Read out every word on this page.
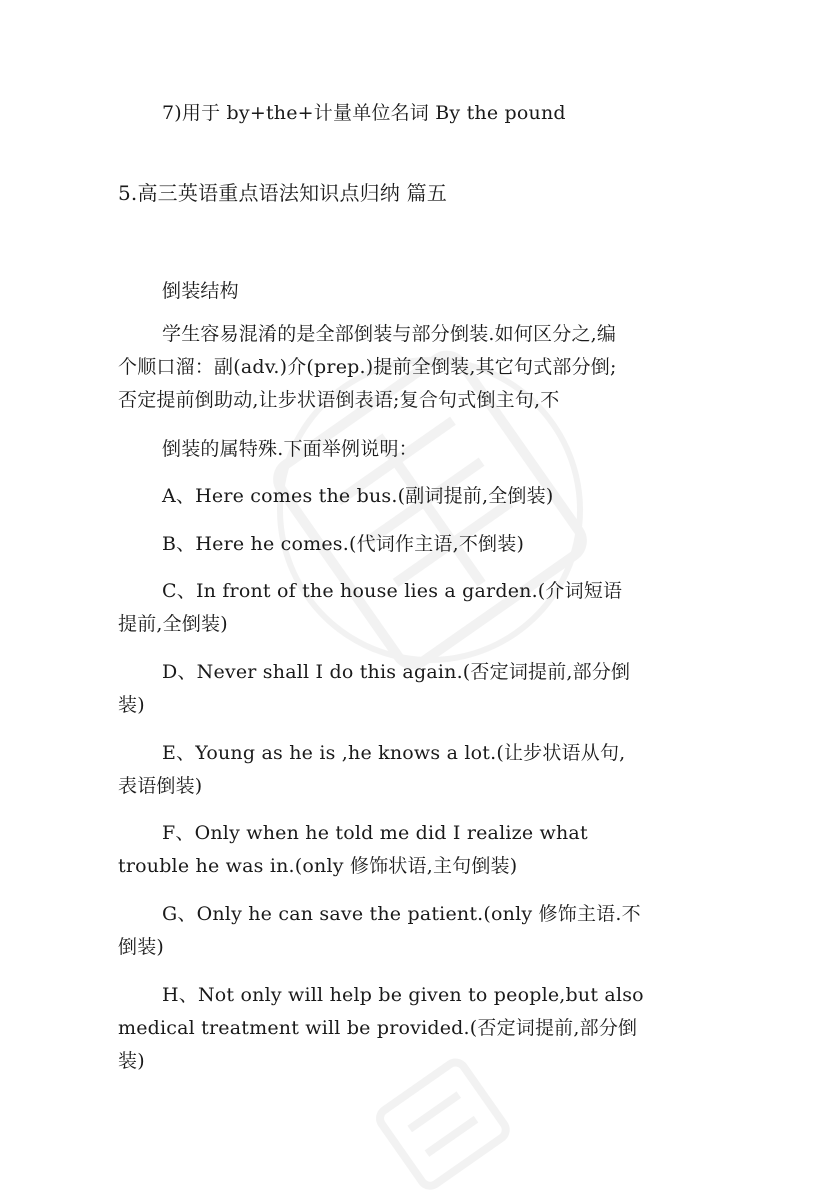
7)用于 by+the+计量单位名词 By the pound
5.高三英语重点语法知识点归纳 篇五
倒装结构
学生容易混淆的是全部倒装与部分倒装.如何区分之,编
个顺口溜：副(adv.)介(prep.)提前全倒装,其它句式部分倒;
否定提前倒助动,让步状语倒表语;复合句式倒主句,不
倒装的属特殊.下面举例说明：
A、Here comes the bus.(副词提前,全倒装)
B、Here he comes.(代词作主语,不倒装)
C、In front of the house lies a garden.(介词短语
提前,全倒装)
D、Never shall I do this again.(否定词提前,部分倒
装)
E、Young as he is ,he knows a lot.(让步状语从句,
表语倒装)
F、Only when he told me did I realize what
trouble he was in.(only 修饰状语,主句倒装)
G、Only he can save the patient.(only 修饰主语.不
倒装)
H、Not only will help be given to people,but also
medical treatment will be provided.(否定词提前,部分倒
装)
